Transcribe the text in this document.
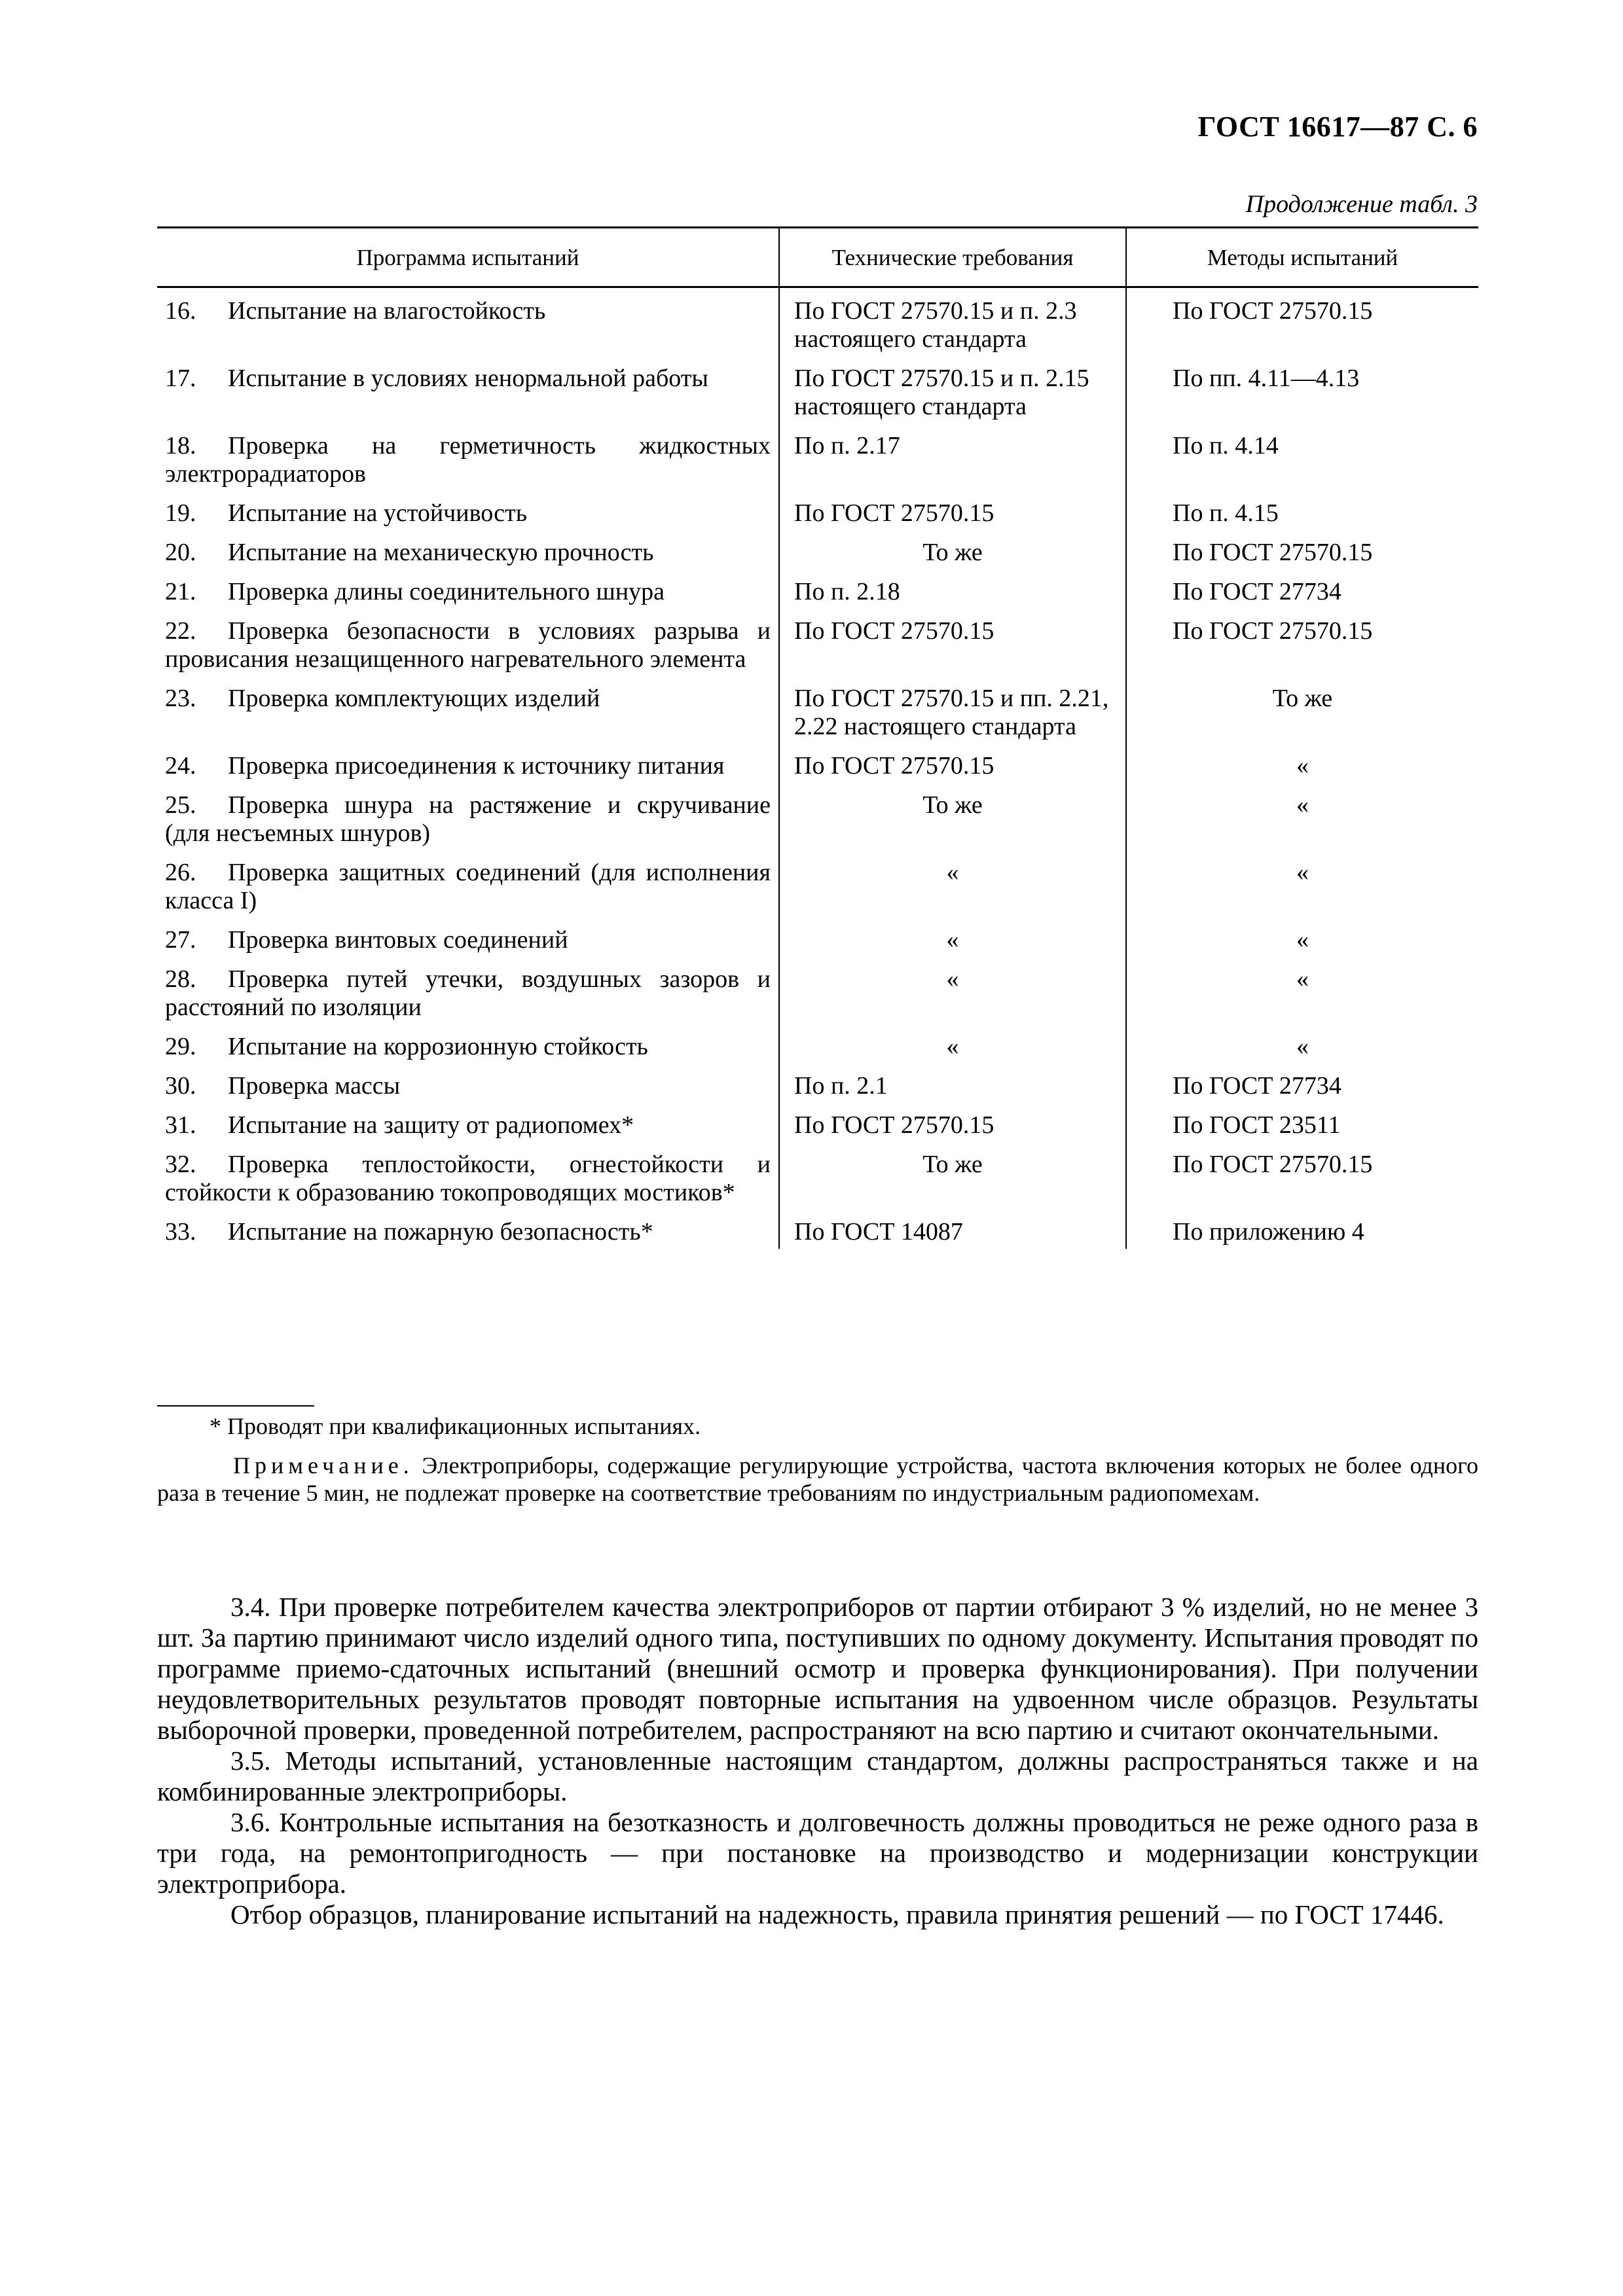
ГОСТ 16617—87 С. 6
Продолжение табл. 3
Программа испытаний	Технические требования	Методы испытаний
16. Испытание на влагостойкость	По ГОСТ 27570.15 и п. 2.3 настоящего стандарта	По ГОСТ 27570.15
17. Испытание в условиях ненормальной работы	По ГОСТ 27570.15 и п. 2.15 настоящего стандарта	По пп. 4.11—4.13
18. Проверка на герметичность жидкостных электрорадиаторов	По п. 2.17	По п. 4.14
19. Испытание на устойчивость	По ГОСТ 27570.15	По п. 4.15
20. Испытание на механическую прочность	То же	По ГОСТ 27570.15
21. Проверка длины соединительного шнура	По п. 2.18	По ГОСТ 27734
22. Проверка безопасности в условиях разрыва и провисания незащищенного нагревательного элемента	По ГОСТ 27570.15	По ГОСТ 27570.15
23. Проверка комплектующих изделий	По ГОСТ 27570.15 и пп. 2.21, 2.22 настоящего стандарта	То же
24. Проверка присоединения к источнику питания	По ГОСТ 27570.15	«
25. Проверка шнура на растяжение и скручивание (для несъемных шнуров)	То же	«
26. Проверка защитных соединений (для исполнения класса I)	«	«
27. Проверка винтовых соединений	«	«
28. Проверка путей утечки, воздушных зазоров и расстояний по изоляции	«	«
29. Испытание на коррозионную стойкость	«	«
30. Проверка массы	По п. 2.1	По ГОСТ 27734
31. Испытание на защиту от радиопомех*	По ГОСТ 27570.15	По ГОСТ 23511
32. Проверка теплостойкости, огнестойкости и стойкости к образованию токопроводящих мостиков*	То же	По ГОСТ 27570.15
33. Испытание на пожарную безопасность*	По ГОСТ 14087	По приложению 4
* Проводят при квалификационных испытаниях.
Примечание. Электроприборы, содержащие регулирующие устройства, частота включения которых не более одного раза в течение 5 мин, не подлежат проверке на соответствие требованиям по индустриальным радиопомехам.

3.4. При проверке потребителем качества электроприборов от партии отбирают 3 % изделий, но не менее 3 шт. За партию принимают число изделий одного типа, поступивших по одному документу. Испытания проводят по программе приемо-сдаточных испытаний (внешний осмотр и проверка функционирования). При получении неудовлетворительных результатов проводят повторные испытания на удвоенном числе образцов. Результаты выборочной проверки, проведенной потребителем, распространяют на всю партию и считают окончательными.

3.5. Методы испытаний, установленные настоящим стандартом, должны распространяться также и на комбинированные электроприборы.

3.6. Контрольные испытания на безотказность и долговечность должны проводиться не реже одного раза в три года, на ремонтопригодность — при постановке на производство и модернизации конструкции электроприбора.

Отбор образцов, планирование испытаний на надежность, правила принятия решений — по ГОСТ 17446.
